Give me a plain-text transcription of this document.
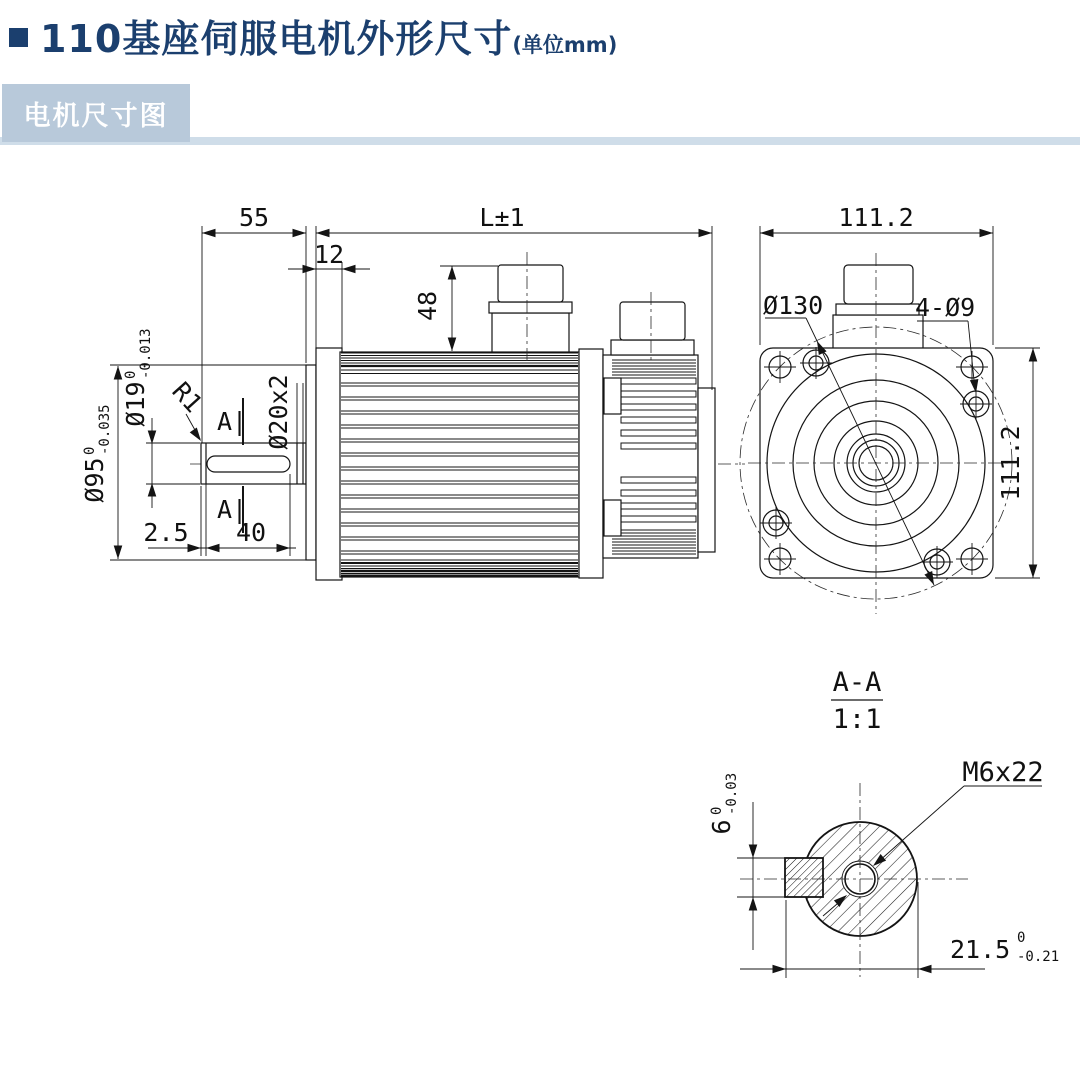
110基座伺服电机外形尺寸(单位mm)
电机尺寸图
55	L±1
12
48
Ø19
0 -0.013
Ø95
0 -0.035	Ø20x2
2.5 40
R1
A|
A|
111.2
111.2
Ø130	4-Ø9
A-A
1:1
M6x22
6
0 -0.03
21.5 0
-0.21
